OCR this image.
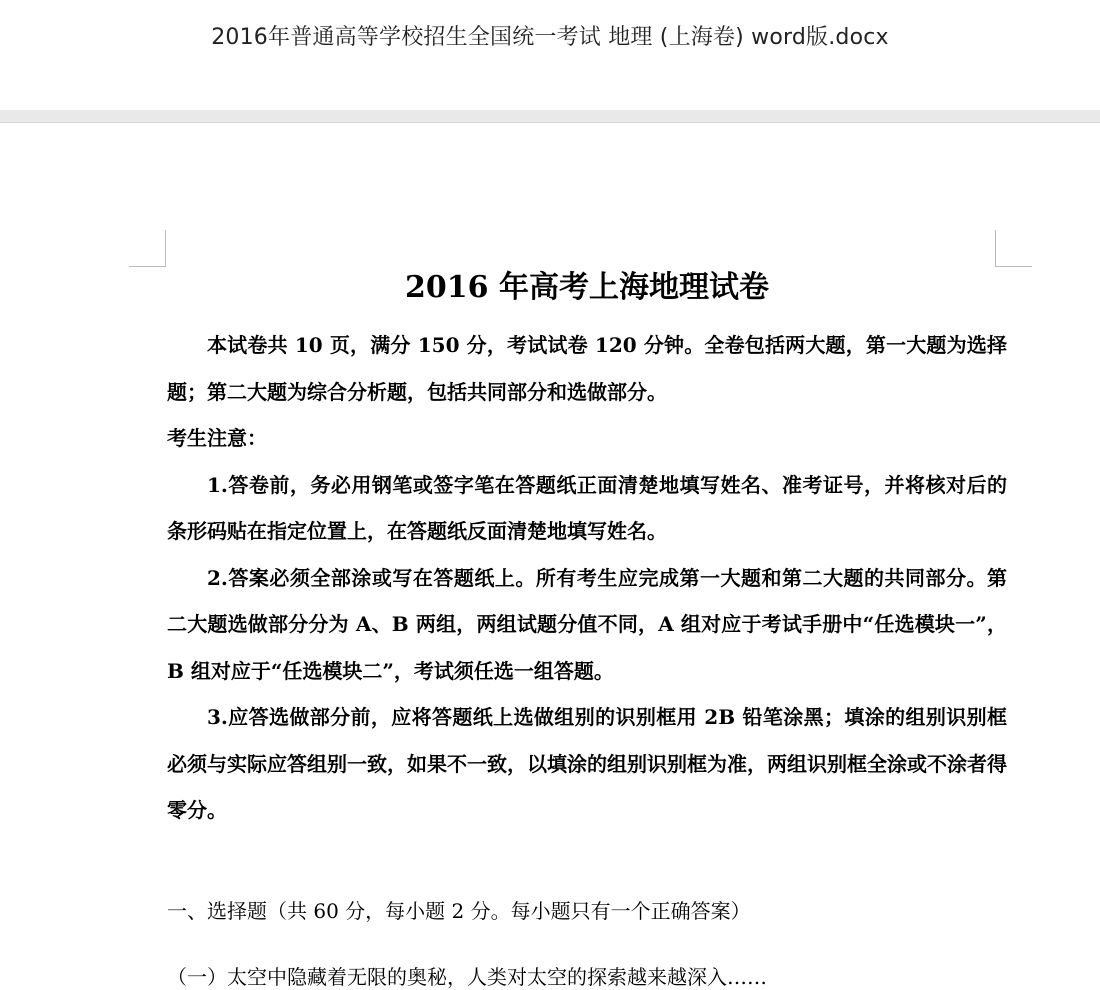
2016年普通高等学校招生全国统一考试 地理 (上海卷) word版.docx
2016 年高考上海地理试卷

本试卷共 10 页，满分 150 分，考试试卷 120 分钟。全卷包括两大题，第一大题为选择题；第二大题为综合分析题，包括共同部分和选做部分。

考生注意：

1.答卷前，务必用钢笔或签字笔在答题纸正面清楚地填写姓名、准考证号，并将核对后的条形码贴在指定位置上，在答题纸反面清楚地填写姓名。

2.答案必须全部涂或写在答题纸上。所有考生应完成第一大题和第二大题的共同部分。第二大题选做部分分为 A、B 两组，两组试题分值不同，A 组对应于考试手册中“任选模块一”，B 组对应于“任选模块二”，考试须任选一组答题。

3.应答选做部分前，应将答题纸上选做组别的识别框用 2B 铅笔涂黑；填涂的组别识别框必须与实际应答组别一致，如果不一致，以填涂的组别识别框为准，两组识别框全涂或不涂者得零分。

一、选择题（共 60 分，每小题 2 分。每小题只有一个正确答案）

（一）太空中隐藏着无限的奥秘，人类对太空的探索越来越深入……
